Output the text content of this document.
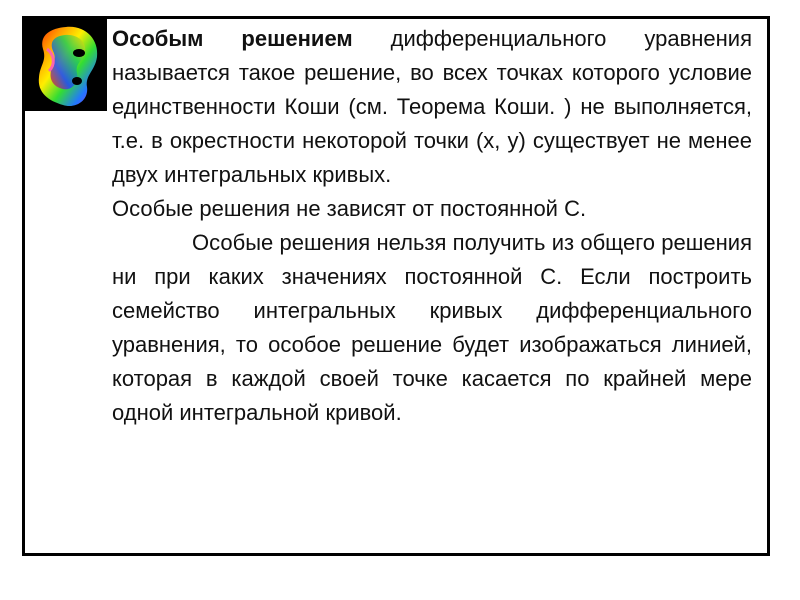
Особым решением дифференциального уравнения называется такое решение, во всех точках которого условие единственности Коши (см. Теорема Коши. ) не выполняется, т.е. в окрестности некоторой точки (x, y) существует не менее двух интегральных кривых.

Особые решения не зависят от постоянной С.

Особые решения нельзя получить из общего решения ни при каких значениях постоянной С. Если построить семейство интегральных кривых дифференциального уравнения, то особое решение будет изображаться линией, которая в каждой своей точке касается по крайней мере одной интегральной кривой.
